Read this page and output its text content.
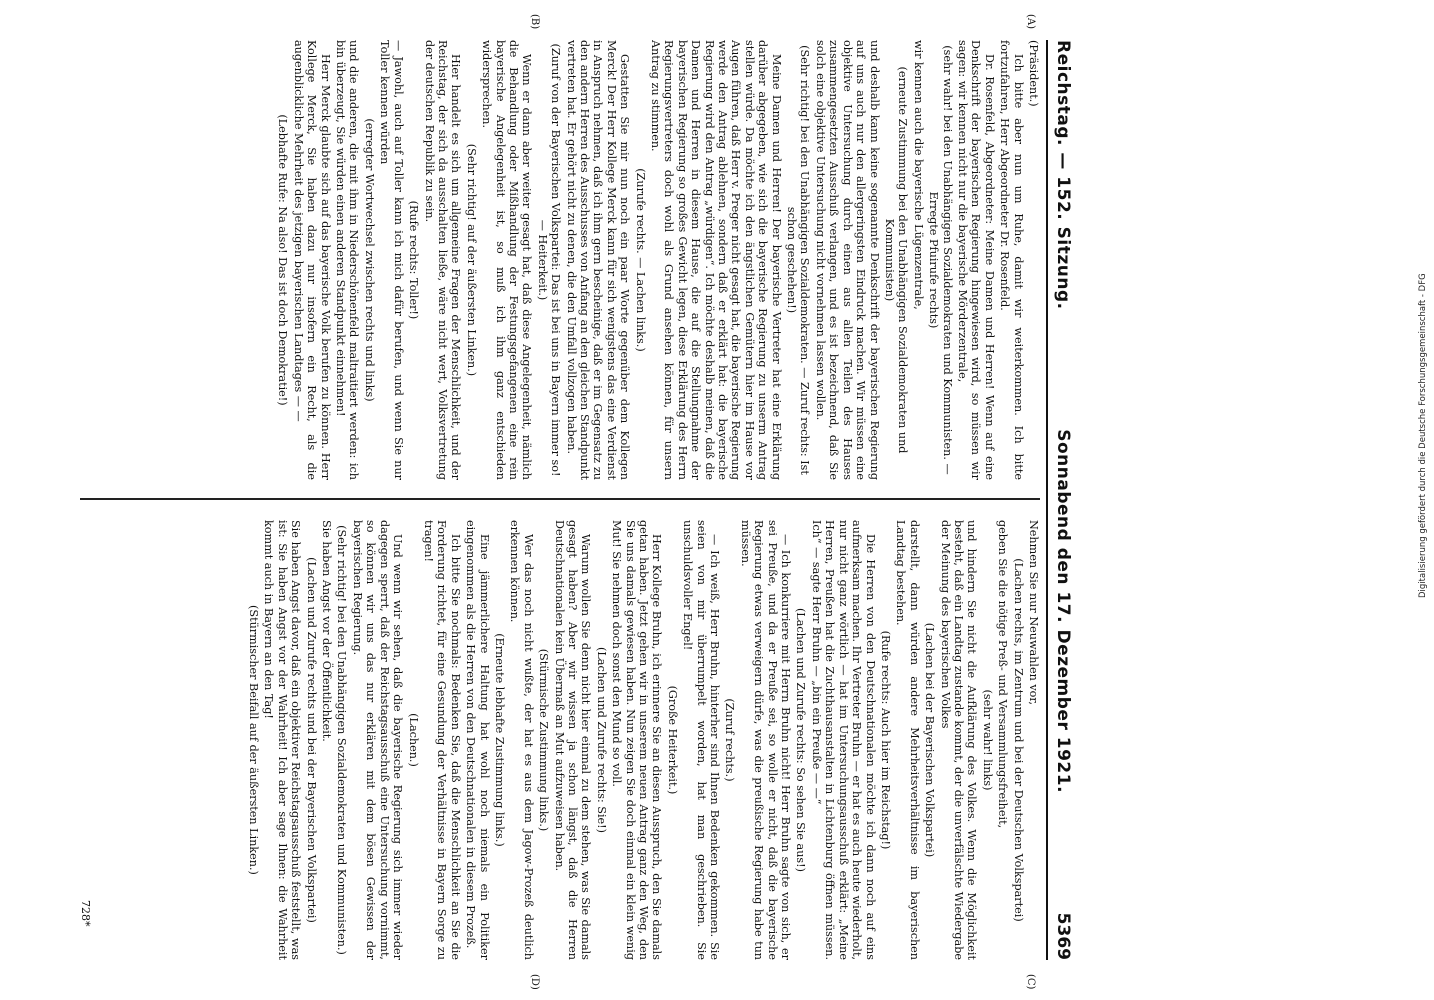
Reichstag. — 152. Sitzung.
Sonnabend den 17. Dezember 1921.
5369
(A)
(B)
(C)
(D)

(Präsident.)

Ich bitte aber nun um Ruhe, damit wir weiterkommen. Ich bitte fortzufahren, Herr Abgeordneter Dr. Rosenfeld.

Dr. Rosenfeld, Abgeordneter: Meine Damen und Herren! Wenn auf eine Denkschrift der bayerischen Regierung hingewiesen wird, so müssen wir sagen: wir kennen nicht nur die bayerische Mörderzentrale,

(sehr wahr! bei den Unabhängigen Sozialdemokraten und Kommunisten. — Erregte Pfuirufe rechts)

wir kennen auch die bayerische Lügenzentrale,

(erneute Zustimmung bei den Unabhängigen Sozialdemokraten und Kommunisten)

und deshalb kann keine sogenannte Denkschrift der bayerischen Regierung auf uns auch nur den allergeringsten Eindruck machen. Wir müssen eine objektive Untersuchung durch einen aus allen Teilen des Hauses zusammengesetzten Ausschuß verlangen, und es ist bezeichnend, daß Sie solch eine objektive Untersuchung nicht vornehmen lassen wollen.

(Sehr richtig! bei den Unabhängigen Sozialdemokraten. — Zuruf rechts: Ist schon geschehen!)

Meine Damen und Herren! Der bayerische Vertreter hat eine Erklärung darüber abgegeben, wie sich die bayerische Regierung zu unserm Antrag stellen würde. Da möchte ich den ängstlichen Gemütern hier im Hause vor Augen führen, daß Herr v. Preger nicht gesagt hat, die bayerische Regierung werde den Antrag ablehnen, sondern daß er erklärt hat: die bayerische Regierung wird den Antrag „würdigen“. Ich möchte deshalb meinen, daß die Damen und Herren in diesem Hause, die auf die Stellungnahme der bayerischen Regierung so großes Gewicht legen, diese Erklärung des Herrn Regierungsvertreters doch wohl als Grund ansehen können, für unsern Antrag zu stimmen.

(Zurufe rechts. — Lachen links.)

Gestatten Sie mir nun noch ein paar Worte gegenüber dem Kollegen Merck! Der Herr Kollege Merck kann für sich wenigstens das eine Verdienst in Anspruch nehmen, daß ich ihm gern bescheinige, daß er im Gegensatz zu den andern Herren des Ausschusses von Anfang an den gleichen Standpunkt vertreten hat. Er gehört nicht zu denen, die den Umfall vollzogen haben.

(Zuruf von der Bayerischen Volkspartei: Das ist bei uns in Bayern immer so! — Heiterkeit.)

Wenn er dann aber weiter gesagt hat, daß diese Angelegenheit, nämlich die Behandlung oder Mißhandlung der Festungsgefangenen eine rein bayerische Angelegenheit ist, so muß ich ihm ganz entschieden widersprechen.

(Sehr richtig! auf der äußersten Linken.)

Hier handelt es sich um allgemeine Fragen der Menschlichkeit, und der Reichstag, der sich da ausschalten ließe, wäre nicht wert, Volksvertretung der deutschen Republik zu sein.

(Rufe rechts: Toller!)

— Jawohl, auch auf Toller kann ich mich dafür berufen, und wenn Sie nur Toller kennen würden

(erregter Wortwechsel zwischen rechts und links)

und die anderen, die mit ihm in Niederschönenfeld maltraitiert werden: ich bin überzeugt, Sie würden einen anderen Standpunkt einnehmen!

Herr Merck glaubte sich auf das bayerische Volk berufen zu können. Herr Kollege Merck, Sie haben dazu nur insofern ein Recht, als die augenblickliche Mehrheit des jetzigen bayerischen Landtages — —

(Lebhafte Rufe: Na also! Das ist doch Demokratie!)

Nehmen Sie nur Neuwahlen vor,

(Lachen rechts, im Zentrum und bei der Deutschen Volkspartei)

geben Sie die nötige Preß- und Versammlungsfreiheit,

(sehr wahr! links)

und hindern Sie nicht die Aufklärung des Volkes. Wenn die Möglichkeit besteht, daß ein Landtag zustande kommt, der die unverfälschte Wiedergabe der Meinung des bayerischen Volkes

(Lachen bei der Bayerischen Volkspartei)

darstellt, dann würden andere Mehrheitsverhältnisse im bayerischen Landtag bestehen.

(Rufe rechts: Auch hier im Reichstag!)

Die Herren von den Deutschnationalen möchte ich dann noch auf eins aufmerksam machen. Ihr Vertreter Bruhn — er hat es auch heute wiederholt, nur nicht ganz wörtlich — hat im Untersuchungsausschuß erklärt: „Meine Herren, Preußen hat die Zuchthausanstalten in Lichtenburg öffnen müssen. Ich“ — sagte Herr Bruhn — „bin ein Preuße — —“

(Lachen und Zurufe rechts: So sehen Sie aus!)

— Ich konkurriere mit Herrn Bruhn nicht! Herr Bruhn sagte von sich, er sei Preuße, und da er Preuße sei, so wolle er nicht, daß die bayerische Regierung etwas verweigern dürfe, was die preußische Regierung habe tun müssen.

(Zuruf rechts.)

— Ich weiß, Herr Bruhn, hinterher sind Ihnen Bedenken gekommen. Sie seien von mir überrumpelt worden, hat man geschrieben. Sie unschuldsvoller Engel!

(Große Heiterkeit.)

Herr Kollege Bruhn, ich erinnere Sie an diesen Ausspruch, den Sie damals getan haben. Jetzt gehen wir in unserem neuen Antrag ganz den Weg, den Sie uns damals gewiesen haben. Nun zeigen Sie doch einmal ein klein wenig Mut! Sie nehmen doch sonst den Mund so voll.

(Lachen und Zurufe rechts: Sie!)

Warum wollen Sie denn nicht hier einmal zu dem stehen, was Sie damals gesagt haben? Aber wir wissen ja schon längst, daß die Herren Deutschnationalen kein Übermaß an Mut aufzuweisen haben.

(Stürmische Zustimmung links.)

Wer das noch nicht wußte, der hat es aus dem Jagow-Prozeß deutlich erkennen können.

(Erneute lebhafte Zustimmung links.)

Eine jämmerlichere Haltung hat wohl noch niemals ein Politiker eingenommen als die Herren von den Deutschnationalen in diesem Prozeß.

Ich bitte Sie nochmals: Bedenken Sie, daß die Menschlichkeit an Sie die Forderung richtet, für eine Gesundung der Verhältnisse in Bayern Sorge zu tragen!

(Lachen.)

Und wenn wir sehen, daß die bayerische Regierung sich immer wieder dagegen sperrt, daß der Reichstagsausschuß eine Untersuchung vornimmt, so können wir uns das nur erklären mit dem bösen Gewissen der bayerischen Regierung.

(Sehr richtig! bei den Unabhängigen Sozialdemokraten und Kommunisten.)

Sie haben Angst vor der Öffentlichkeit.

(Lachen und Zurufe rechts und bei der Bayerischen Volkspartei)

Sie haben Angst davor, daß ein objektiver Reichstagsausschuß feststellt, was ist: Sie haben Angst vor der Wahrheit! Ich aber sage Ihnen: die Wahrheit kommt auch in Bayern an den Tag!

(Stürmischer Beifall auf der äußersten Linken.)

728*
Digitalisierung gefördert durch die Deutsche Forschungsgemeinschaft - DFG
